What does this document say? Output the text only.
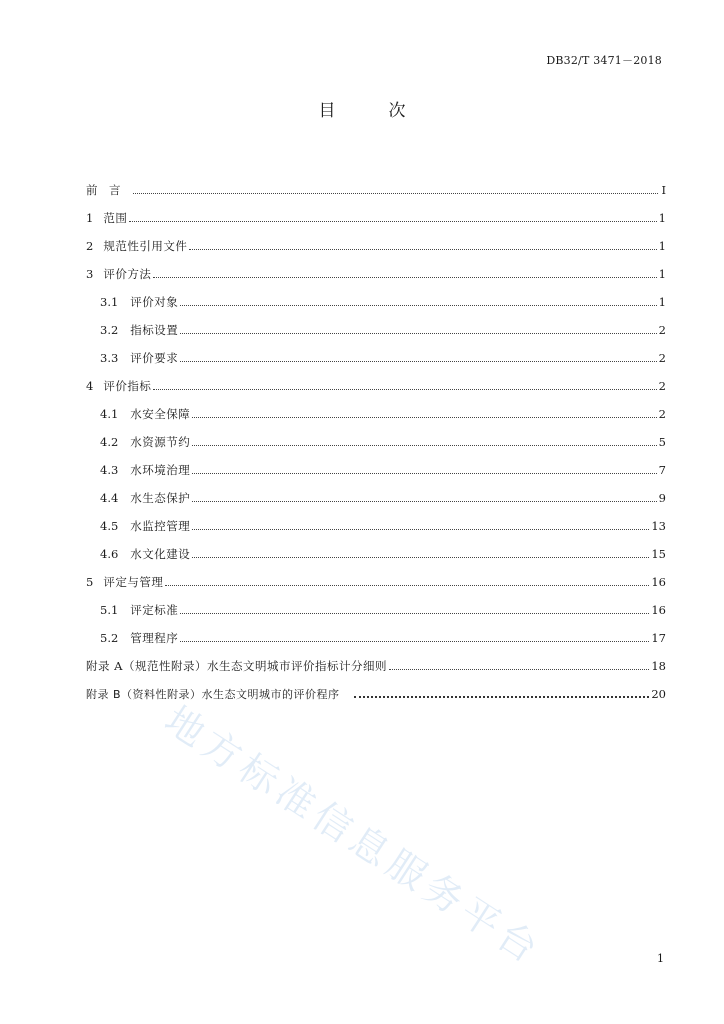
DB32/T 3471－2018
目　次
前　言	I
1 范围	1
2 规范性引用文件	1
3 评价方法	1
3.1 评价对象	1
3.2 指标设置	2
3.3 评价要求	2
4 评价指标	2
4.1 水安全保障	2
4.2 水资源节约	5
4.3 水环境治理	7
4.4 水生态保护	9
4.5 水监控管理	13
4.6 水文化建设	15
5 评定与管理	16
5.1 评定标准	16
5.2 管理程序	17
附录 A（规范性附录）水生态文明城市评价指标计分细则	18
附录 B（资料性附录）水生态文明城市的评价程序	20
地方标准信息服务平台	1
